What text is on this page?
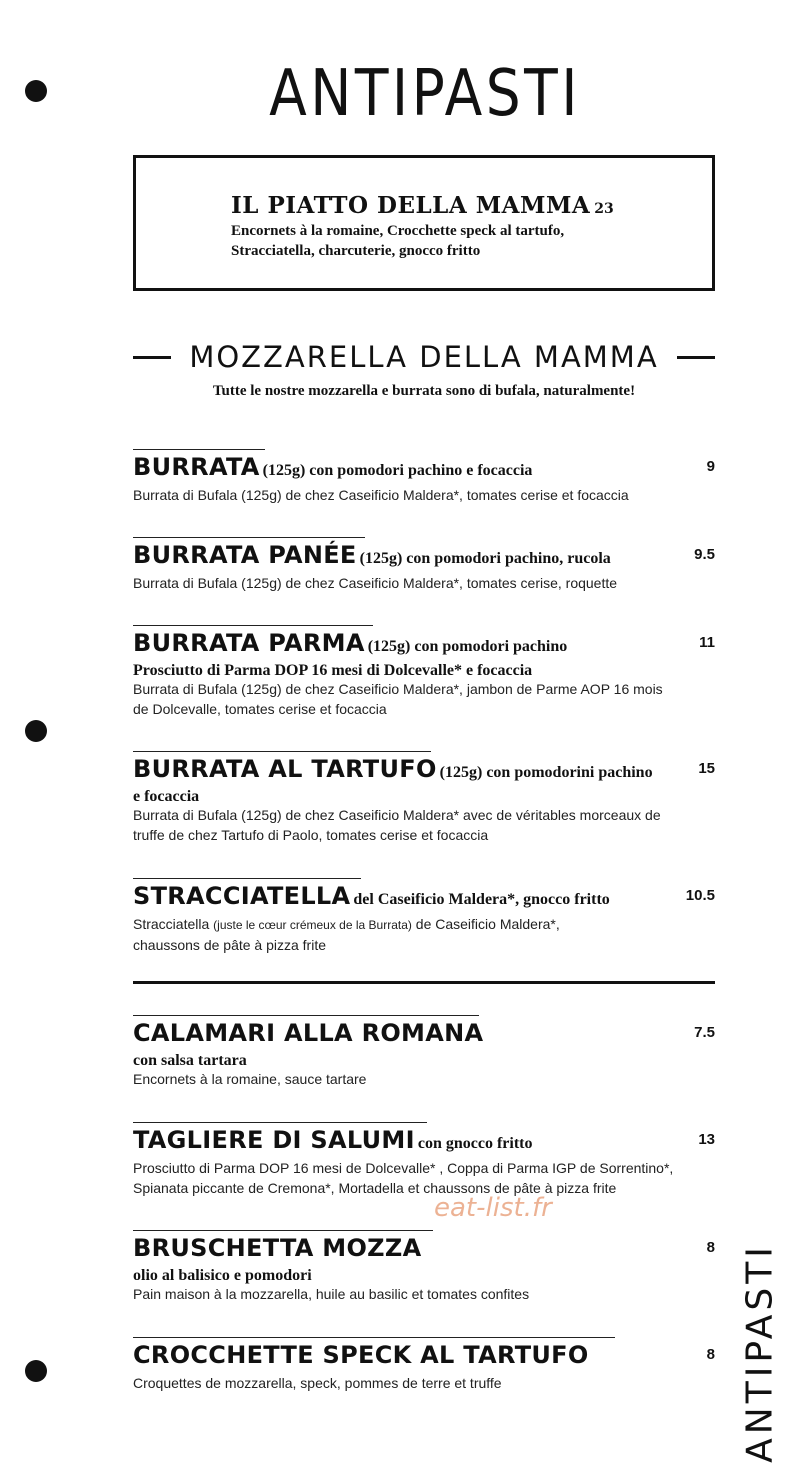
ANTIPASTI
IL PIATTO DELLA MAMMA 23
Encornets à la romaine, Crocchette speck al tartufo,
Stracciatella, charcuterie, gnocco fritto
MOZZARELLA DELLA MAMMA
Tutte le nostre mozzarella e burrata sono di bufala, naturalmente!
BURRATA (125g) con pomodori pachino e focaccia	9
Burrata di Bufala (125g) de chez Caseificio Maldera*, tomates cerise et focaccia
BURRATA PANÉE (125g) con pomodori pachino, rucola	9.5
Burrata di Bufala (125g) de chez Caseificio Maldera*, tomates cerise, roquette
BURRATA PARMA (125g) con pomodori pachino	11
Prosciutto di Parma DOP 16 mesi di Dolcevalle* e focaccia
Burrata di Bufala (125g) de chez Caseificio Maldera*, jambon de Parme AOP 16 mois
de Dolcevalle, tomates cerise et focaccia
BURRATA AL TARTUFO (125g) con pomodorini pachino	15
e focaccia
Burrata di Bufala (125g) de chez Caseificio Maldera* avec de véritables morceaux de
truffe de chez Tartufo di Paolo, tomates cerise et focaccia
STRACCIATELLA del Caseificio Maldera*, gnocco fritto	10.5
Stracciatella (juste le cœur crémeux de la Burrata) de Caseificio Maldera*,
chaussons de pâte à pizza frite
CALAMARI ALLA ROMANA	7.5
con salsa tartara
Encornets à la romaine, sauce tartare
TAGLIERE DI SALUMI con gnocco fritto	13
Prosciutto di Parma DOP 16 mesi de Dolcevalle* , Coppa di Parma IGP de Sorrentino*,
Spianata piccante de Cremona*, Mortadella et chaussons de pâte à pizza frite
eat-list.fr
BRUSCHETTA MOZZA	8
olio al balisico e pomodori
Pain maison à la mozzarella, huile au basilic et tomates confites
CROCCHETTE SPECK AL TARTUFO	8
Croquettes de mozzarella, speck, pommes de terre et truffe	ANTIPASTI
